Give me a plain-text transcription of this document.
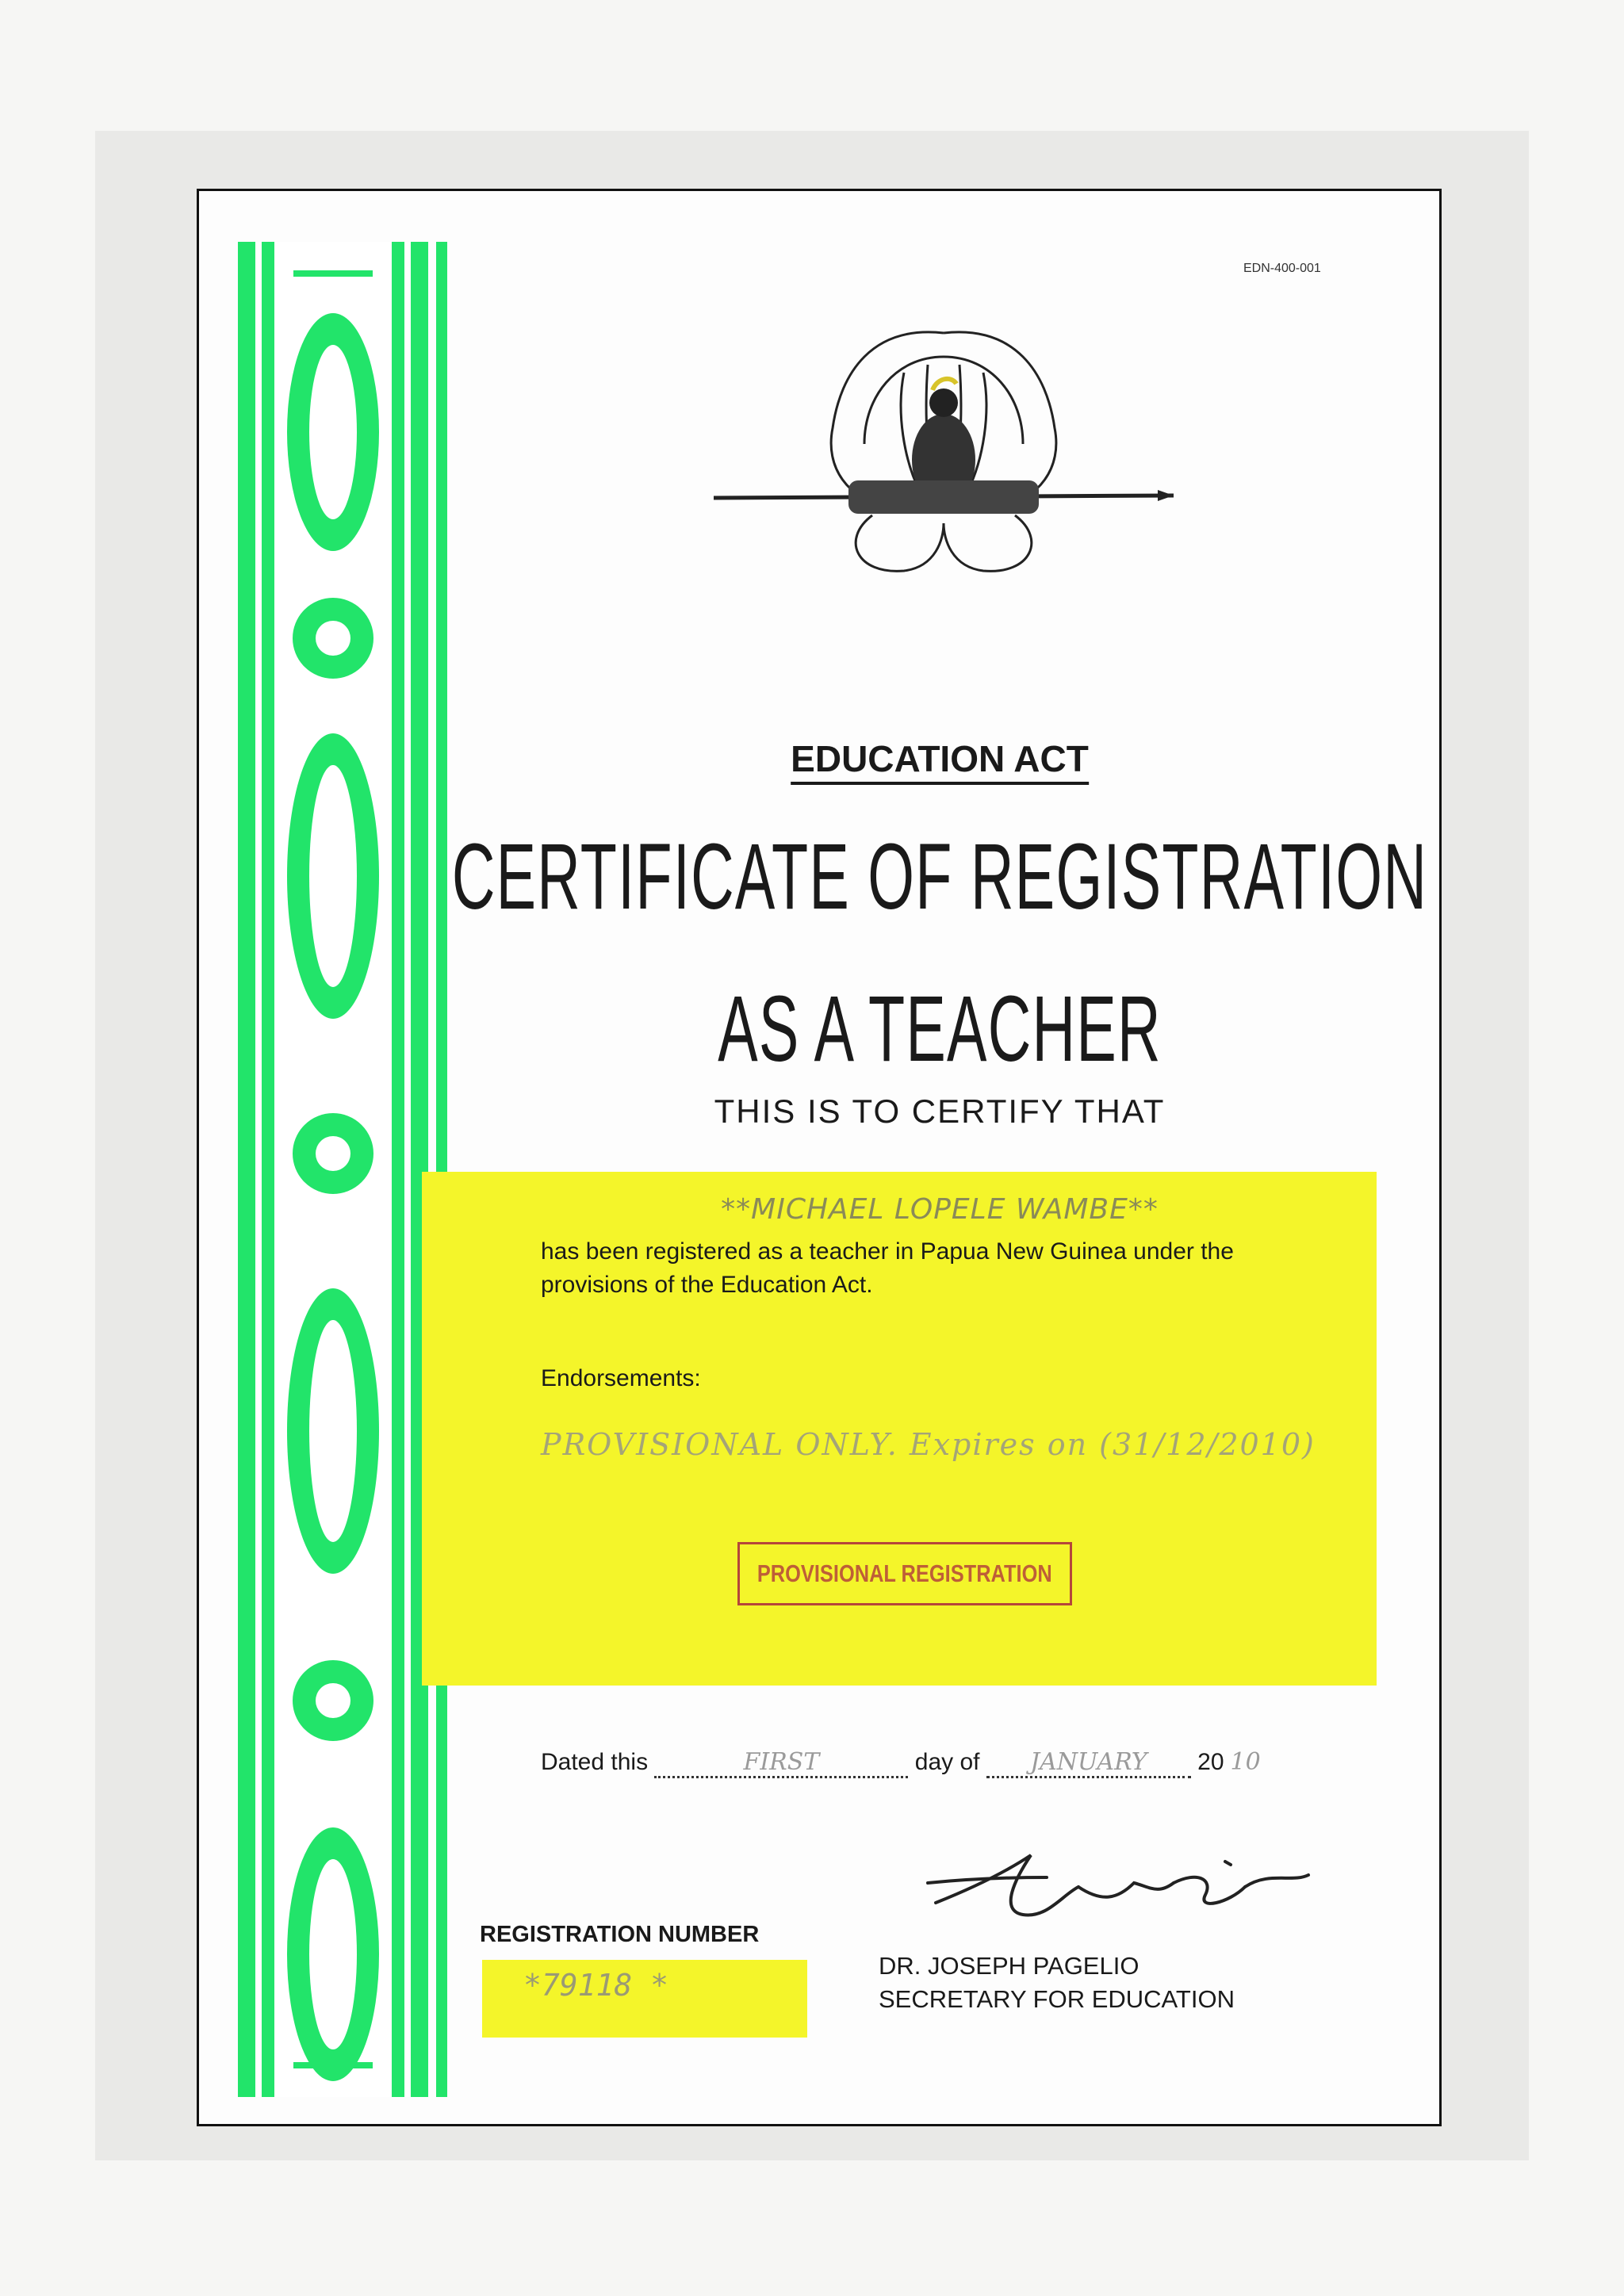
EDN-400-001
EDUCATION ACT
CERTIFICATE OF REGISTRATION
AS A TEACHER
THIS IS TO CERTIFY THAT
**MICHAEL LOPELE WAMBE**
has been registered as a teacher in Papua New Guinea under the provisions of the Education Act.
Endorsements:
PROVISIONAL ONLY. Expires on (31/12/2010)
PROVISIONAL REGISTRATION
Dated this	FIRST	day of JANUARY 20 10
DR. JOSEPH PAGELIO
SECRETARY FOR EDUCATION
REGISTRATION NUMBER
*79118 *
